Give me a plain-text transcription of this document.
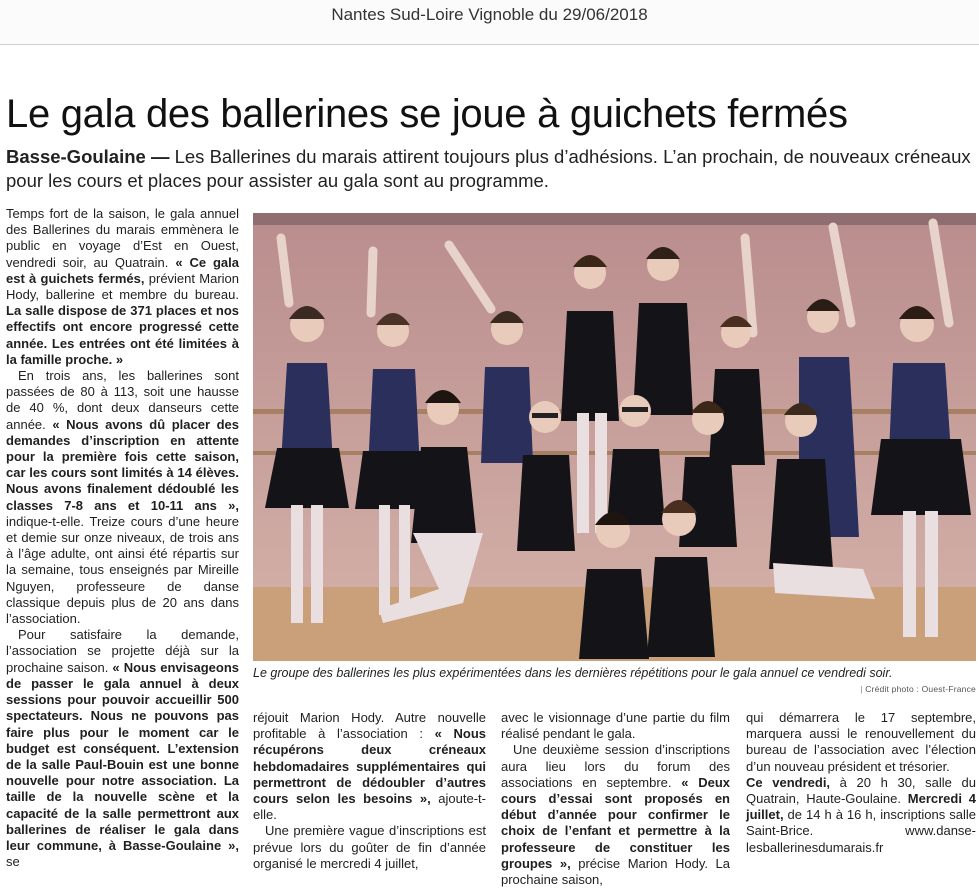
Nantes Sud-Loire Vignoble du 29/06/2018
Le gala des ballerines se joue à guichets fermés
Basse-Goulaine — Les Ballerines du marais attirent toujours plus d’adhésions. L’an prochain, de nouveaux créneaux pour les cours et places pour assister au gala sont au programme.

Temps fort de la saison, le gala annuel des Ballerines du marais emmènera le public en voyage d’Est en Ouest, vendredi soir, au Quatrain. « Ce gala est à guichets fermés, prévient Marion Hody, ballerine et membre du bureau. La salle dispose de 371 places et nos effectifs ont encore progressé cette année. Les entrées ont été limitées à la famille proche. »

En trois ans, les ballerines sont passées de 80 à 113, soit une hausse de 40 %, dont deux danseurs cette année. « Nous avons dû placer des demandes d’inscription en attente pour la première fois cette saison, car les cours sont limités à 14 élèves. Nous avons finalement dédoublé les classes 7-8 ans et 10-11 ans », indique-t-elle. Treize cours d’une heure et demie sur onze niveaux, de trois ans à l’âge adulte, ont ainsi été répartis sur la semaine, tous enseignés par Mireille Nguyen, professeure de danse classique depuis plus de 20 ans dans l’association.

Pour satisfaire la demande, l’association se projette déjà sur la prochaine saison. « Nous envisageons de passer le gala annuel à deux sessions pour pouvoir accueillir 500 spectateurs. Nous ne pouvons pas faire plus pour le moment car le budget est conséquent. L’extension de la salle Paul-Bouin est une bonne nouvelle pour notre association. La taille de la nouvelle scène et la capacité de la salle permettront aux ballerines de réaliser le gala dans leur commune, à Basse-Goulaine », se

Le groupe des ballerines les plus expérimentées dans les dernières répétitions pour le gala annuel ce vendredi soir.
| Crédit photo : Ouest-France

réjouit Marion Hody. Autre nouvelle profitable à l’association : « Nous récupérons deux créneaux hebdomadaires supplémentaires qui permettront de dédoubler d’autres cours selon les besoins », ajoute-t-elle.

Une première vague d’inscriptions est prévue lors du goûter de fin d’année organisé le mercredi 4 juillet,

avec le visionnage d’une partie du film réalisé pendant le gala.

Une deuxième session d’inscriptions aura lieu lors du forum des associations en septembre. « Deux cours d’essai sont proposés en début d’année pour confirmer le choix de l’enfant et permettre à la professeure de constituer les groupes », précise Marion Hody. La prochaine saison,

qui démarrera le 17 septembre, marquera aussi le renouvellement du bureau de l’association avec l’élection d’un nouveau président et trésorier.

Ce vendredi, à 20 h 30, salle du Quatrain, Haute-Goulaine. Mercredi 4 juillet, de 14 h à 16 h, inscriptions salle Saint-Brice. www.danse-lesballerinesdumarais.fr
